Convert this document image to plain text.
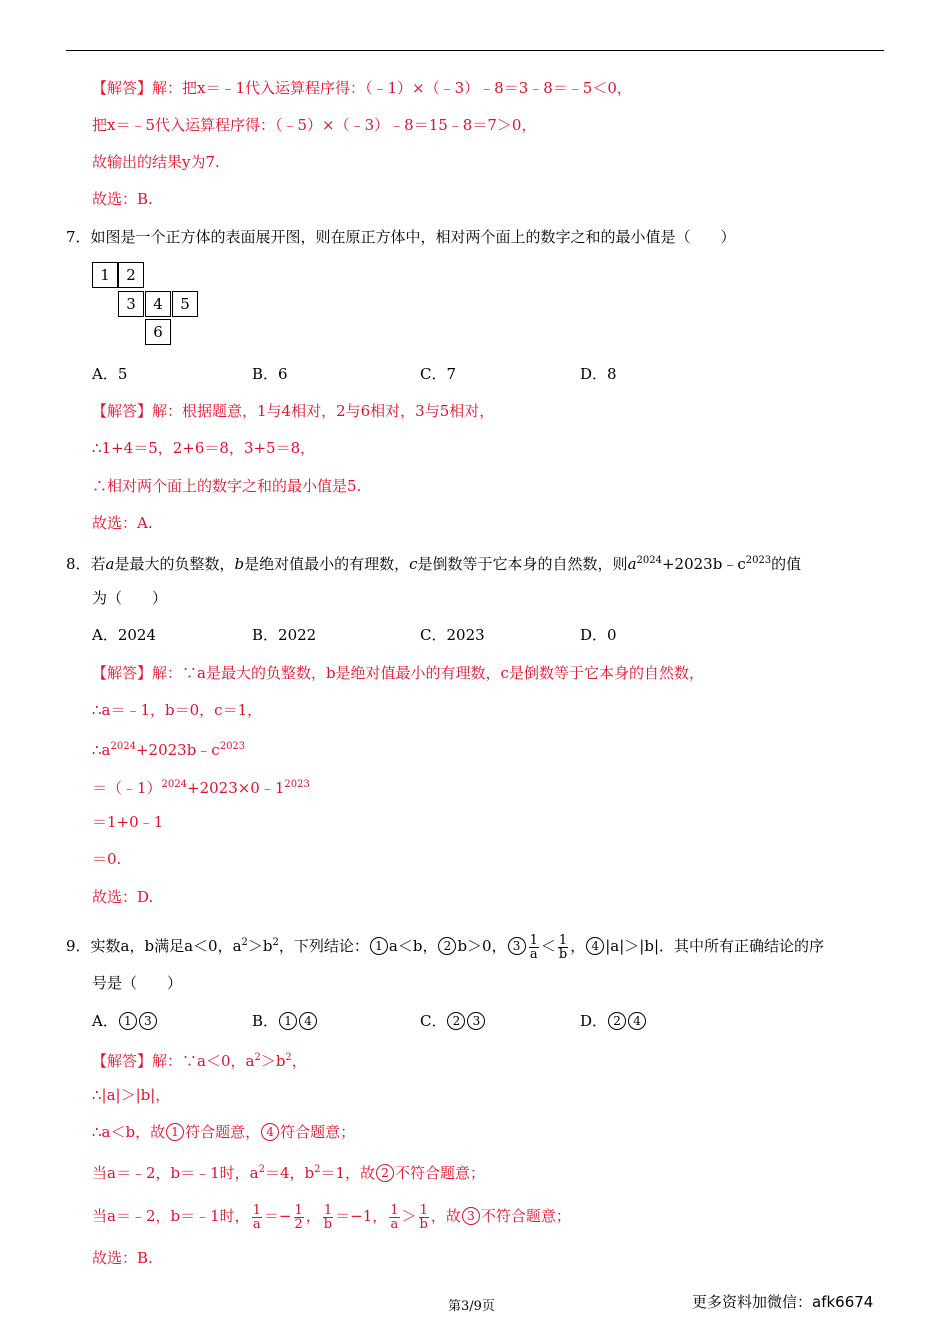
【解答】解：把x＝﹣1代入运算程序得：（﹣1）×（﹣3）﹣8＝3﹣8＝﹣5＜0，
把x＝﹣5代入运算程序得：（﹣5）×（﹣3）﹣8＝15﹣8＝7＞0，
故输出的结果y为7.
故选：B.
7．如图是一个正方体的表面展开图，则在原正方体中，相对两个面上的数字之和的最小值是（　　）
1	2
3	4	5
6
A．5	B．6	C．7	D．8
【解答】解：根据题意，1与4相对，2与6相对，3与5相对，
∴1+4＝5，2+6＝8，3+5＝8，
∴相对两个面上的数字之和的最小值是5.
故选：A.
8．若a是最大的负整数，b是绝对值最小的有理数，c是倒数等于它本身的自然数，则$a^{2024}+2023b﹣c^{2023}$的值
为（　　）
A．2024	B．2022	C．2023	D．0
【解答】解：∵a是最大的负整数，b是绝对值最小的有理数，c是倒数等于它本身的自然数，
∴a＝﹣1，b＝0，c＝1，
$\therefore a^{2024}+2023b﹣c^{2023}$
$=(﹣1)^{2024}+2023\times 0﹣1^{2023}$
＝1+0﹣1
＝0.
故选：D.
9．实数a，b满足a＜0，$a^2>b^2$，下列结论： 1 a＜b， 2 b＞0， $3 \frac{1}{a} < \frac{1}{b}$ ， 4 |a|＞|b|．其中所有正确结论的序
号是（　　）
A． 1 3	B． 1 4	C． 2 3	D． 2 4
【解答】解：∵a＜0，$a^2>b^2$，
∴|a|＞|b|，
∴a＜b，故 1 符合题意， 4 符合题意；
当a＝﹣2，b＝﹣1时，$a^2=4$，$b^2=1$，故 2 不符合题意；
当a＝﹣2，b＝﹣1时， $\frac{1}{a} =- \frac{1}{2}$ ， $\frac{1}{b} =-1$， $\frac{1}{a} > \frac{1}{b}$ ，故 3 不符合题意；
故选：B.
第3/9页	更多资料加微信：afk6674
